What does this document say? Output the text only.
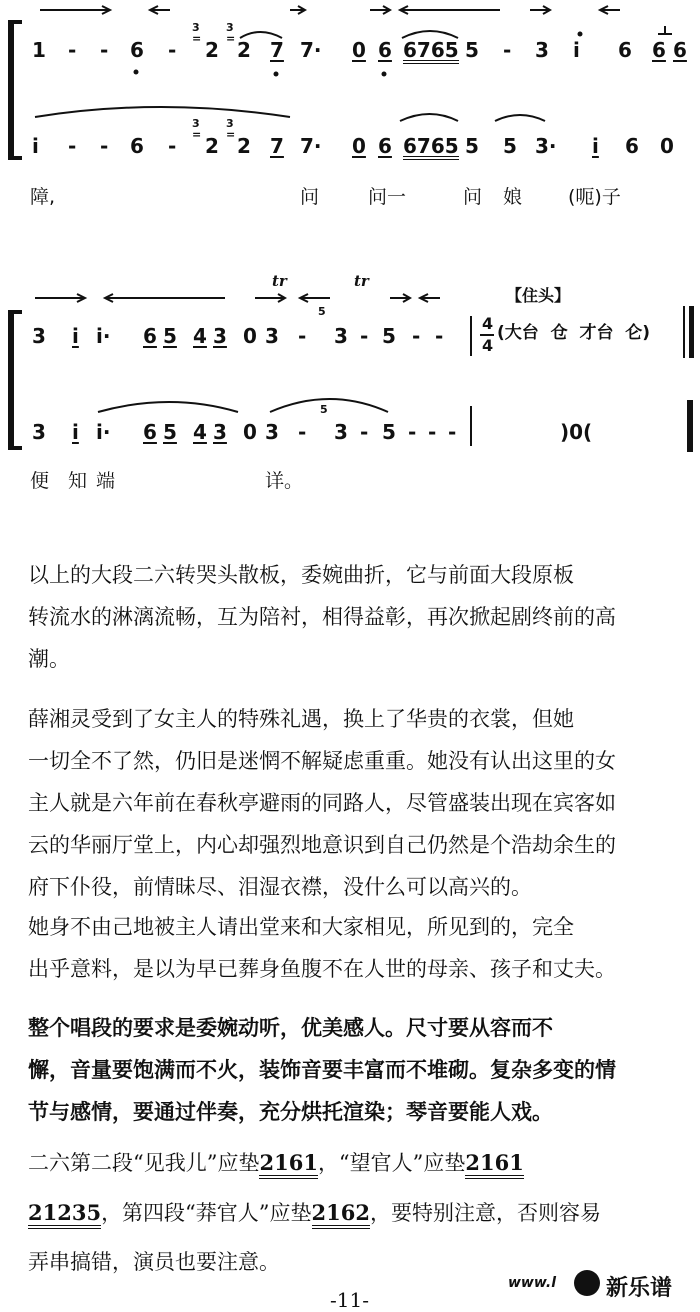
1 - - 6 - 2 2 7 7· 0 6 6765 5 - 3 i 6 6 6
3
=
3
=
i - - 6 - 2 2 7 7· 0 6 6765 5 5 3· i 6 0
3
=
3
=
障,	问	问一	问 娘 (呃)子
tr	tr
【住头】
4
4
(大台  仓  才台  仑)
3 i i· 6 5 4 3 0 3 - 3 - 5 - -
5
3 i i· 6 5 4 3 0 3 - 3 - 5 - - -
5
)0(
便 知 端	详。
以上的大段二六转哭头散板，委婉曲折，它与前面大段原板
转流水的淋漓流畅，互为陪衬，相得益彰，再次掀起剧终前的高
潮。
薛湘灵受到了女主人的特殊礼遇，换上了华贵的衣裳，但她
一切全不了然，仍旧是迷惘不解疑虑重重。她没有认出这里的女
主人就是六年前在春秋亭避雨的同路人，尽管盛装出现在宾客如
云的华丽厅堂上，内心却强烈地意识到自己仍然是个浩劫余生的
府下仆役，前情昧尽、泪湿衣襟，没什么可以高兴的。
她身不由己地被主人请出堂来和大家相见，所见到的，完全
出乎意料，是以为早已葬身鱼腹不在人世的母亲、孩子和丈夫。
整个唱段的要求是委婉动听，优美感人。尺寸要从容而不
懈，音量要饱满而不火，装饰音要丰富而不堆砌。复杂多变的情
节与感情，要通过伴奏，充分烘托渲染；琴音要能人戏。
二六第二段“见我儿”应垫2161，“望官人”应垫2161
21235，第四段“莽官人”应垫2162，要特别注意，否则容易
弄串搞错，演员也要注意。
-11-
www.l 新乐谱
